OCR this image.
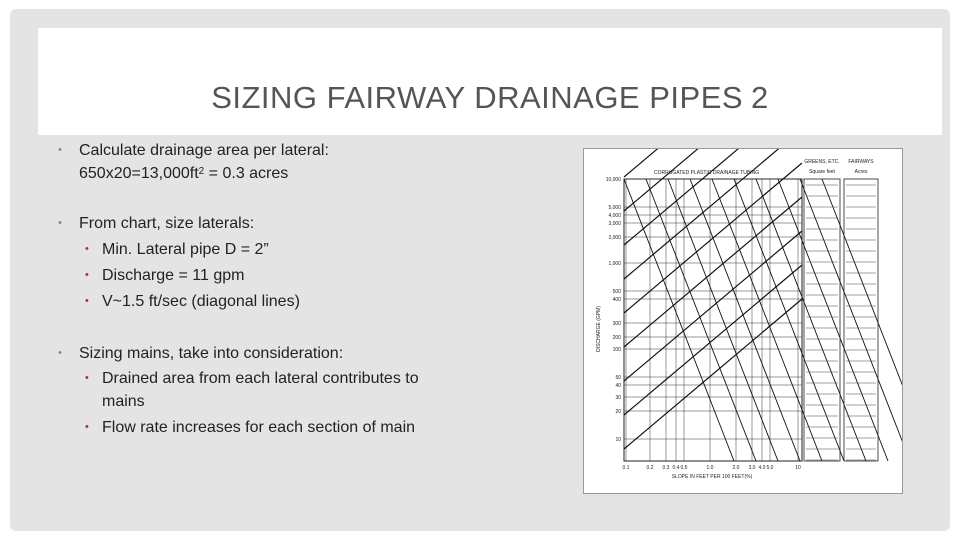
SIZING FAIRWAY DRAINAGE PIPES 2
• Calculate drainage area per lateral:
$650x20=13,000ft^2 = 0.3$ acres
• From chart, size laterals:
• Min. Lateral pipe D = 2”
• Discharge = 11 gpm
• V~1.5 ft/sec (diagonal lines)
• Sizing mains, take into consideration:
• Drained area from each lateral contributes to
mains
• Flow rate increases for each section of main
CORRUGATED PLASTIC DRAINAGE TUBING
10,000
5,000
4,000
3,000
2,000
1,000
500
400
300
200
100
50
40
30
20
10
0.1	0.2 0.3 0.4 0.5	1.0	2.0 3.0 4.0 5.0	10
SLOPE IN FEET PER 100 FEET(%)
DISCHARGE (GPM)
GREENS, ETC. FAIRWAYS
Square feet	Acres
